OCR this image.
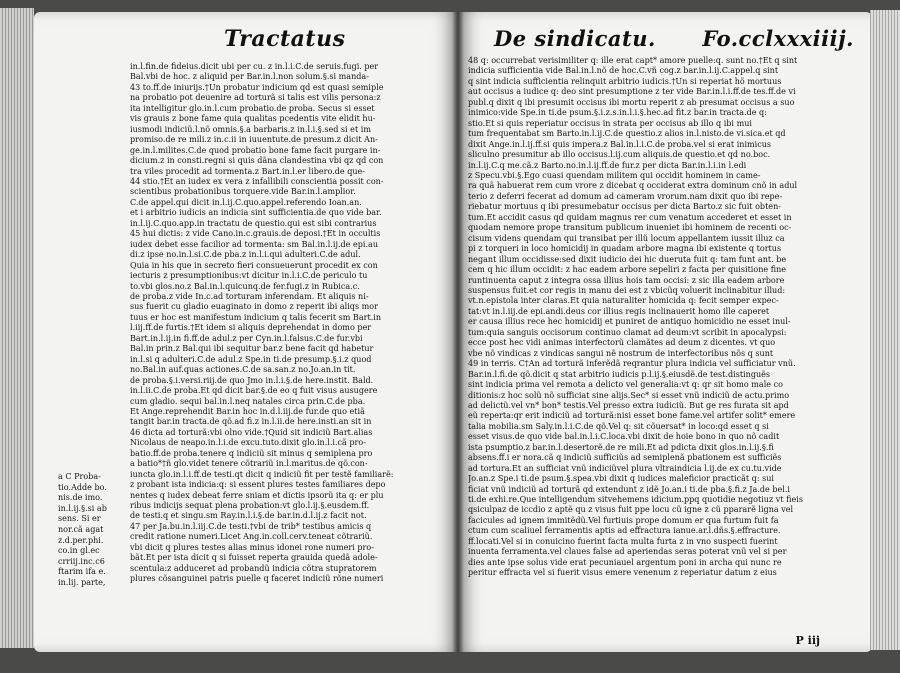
Tractatus
a C Proba-
tio.Adde bo.
nis.de imo.
in.l.ij.§.si ab
sens. Si er
nor.cã agat
z.d.per.phi.
co.in gl.ec
crriij.inc.c6
ftarim ifa e.
in.lij. parte,
in.l.fin.de fideius.dicit ubi per cu. z in.l.i.C.de seruis.fugi. per
Bal.vbi de hoc. z aliquid per Bar.in.l.non solum.§.si manda-
43 to.ff.de iniurijs.†Un probatur indicium qd est quasi semiple
na probatio pot deuenire ad torturã si talis est vilis persona:z
ita intelligitur glo.in.l.cum probatio.de proba. Secus si esset
vis grauis z bone fame quia qualitas pcedentis vite elidit hu-
iusmodi indiciũ.l.nõ omnis.§.a barbaris.z in.l.i.§.sed si et im
promiso.de re mili.z in.c.ii in iuuentute.de presum.z dicit An-
ge.in.l.milites.C.de quod probatio bone fame facit purgare in-
dicium.z in consti.regni si quis dãna clandestina vbi qz qd con
tra viles procedit ad tormenta.z Bart.in.l.er libero.de que-
44 stio.†Et an iudex ex vera z infallibili conscientia possit con-
scientibus probationibus torquere.vide Bar.in.l.amplior.
C.de appel.qui dicit in.l.ij.C.quo.appel.referendo Ioan.an.
et i arbitrio iudicis an indicia sint sufficientia.de quo vide bar.
in.l.ij.C.quo.app.in tractatu de questio.qui est sibi contrarius
45 hui dictis: z vide Cano.in.c.grauis.de deposi.†Et in occultis
iudex debet esse facilior ad tormenta: sm Bal.in.l.ij.de epi.au
di.z ipse no.in.l.si.C.de pba.z in.l.i.qui adulteri.C.de adul.
Quia in his que in secreto fieri consueuerunt procedit ex con
iecturis z presumptionibus:vt dicitur in.l.i.C.de periculo tu
to.vbi glos.no.z Bal.in.l.quicunq.de fer.fugi.z in Rubica.c.
de proba.z vide In.c.ad torturam inferendam. Et aliquis ni-
sus fuerit cu gladio euaginato in domo z reperit ibi aliqs mor
tuus er hoc est manifestum indicium q talis fecerit sm Bart.in
l.iij.ff.de furtis.†Et idem si aliquis deprehendat in domo per
Bart.in.l.ij.in fi.ff.de adul.z per Cyn.in.l.falsus.C.de fur.vbi
Bal.in prin.z Bal.qui ibi sequitur bar.z bene facit qd habetur
in.l.si q adulteri.C.de adul.z Spe.in ti.de presump.§.i.z quod
no.Bal.in auf.quas actiones.C.de sa.san.z no.Jo.an.in tit.
de proba.§.i.versi.riij.de quo Jmo in.l.i.§.de here.instit. Bald.
in.l.ii.C.de proba.Et qd dicit bar.§.de eo q fuit visus ausugere
cum gladio. sequi bal.in.l.neq natales circa prin.C.de pba.
Et Ange.reprehendit Bar.in hoc in.d.l.iij.de fur.de quo etiã
tangit bar.in tracta.de qõ.ad fi.z in.l.ii.de here.insti.an sit in
46 dicta ad torturã:vbi olno vide.†Quid sit indiciũ Bart.alias
Nicolaus de neapo.in.l.i.de excu.tuto.dixit glo.in.l.i.cã pro-
batio.ff.de proba.tenere q indiciũ sit minus q semiplena pro
a batio*†ñ glo.videt tenere cõtrariũ in.l.maritus.de qõ.con-
iuncta glo.in.l.i.ff.de testi.qt dicit q indiciũ fit per testẽ familiarẽ:
z probant ista indicia:q: si essent plures testes familiares depo
nentes q iudex debeat ferre sniam et dictis ipsorũ ita q: er plu
ribus indicijs sequat plena probation:vt glo.l.ij.§.eusdem.ff.
de testi.q et singu.sm Ray.in.l.i.§.de bar.in.d.l.ij.z facit not.
47 per Ja.bu.in.l.iij.C.de testi.†vbi de trib* testibus amicis q
credit ratione numeri.Licet Ang.in.coll.cerv.teneat cõtrariũ.
vbi dicit q plures testes alias minus idonei rone numeri pro-
bãt.Et per ista dicit q si fuisset reperta grauida quedã adole-
scentula:z adduceret ad probandũ indicia cõtra stupratorem
plures cõsanguinei patris puelle q faceret indiciũ rõne numeri
De sindicatu. Fo.cclxxxiiij.
48 q: occurrebat verisimiliter q: ille erat capt* amore puelle:q. sunt no.†Et q sint
indicia sufficientia vide Bal.in.l.nõ de hoc.C.vñ cog.z bar.in.l.ij.C.appel.q sint
q sint indicia sufficientia relinquit arbitrio iudicis.†Un si reperiat hõ mortuus
aut occisus a iudice q: deo sint presumptione z ter vide Bar.in.l.i.ff.de tes.ff.de vi
publ.q dixit q ibi presumit occisus ibi mortu reperit z ab presumat occisus a suo
inimico:vide Spe.in ti.de psum.§.i.z.s.in.l.i.§.hec.ad fit.z bar.in tracta.de q:
stio.Et si quis reperiatur occisus in strata per occisus ab illo q ibi mui
tum frequentabat sm Barto.in.l.ij.C.de questio.z alios in.l.nisto.de vi.sica.et qd
dixit Ange.in.l.ij.ff.si quis impera.z Bal.in.l.i.C.de proba.vel si erat inimicus
sliculno presumitur ab illo occisus.l.ij.cum aliquis.de questio.et qd no.boc.
in.l.ij.C.q me.cã.z Barto.no.in.l.ij.ff.de fur.z per dicta Bar.in.l.i.in l.edi
z Specu.vbi.§.Ego cuasi quendam militem qui occidit hominem in came-
ra quã habuerat rem cum vrore z dicebat q occiderat extra dominum cnõ in adul
terio z deferri fecerat ad domum ad cameram vrorum.nam dixit quo ibi repe-
riebatur mortuus q ibi presumebatur occisus per dicta Barto.z sic fuit obten-
tum.Et accidit casus qd quidam magnus rer cum venatum accederet et esset in
quodam nemore prope transitum publicum inueniet ibi hominem de recenti oc-
cisum videns quendam qui transibat per illũ locum appellantem iussit illuz ca
pi z torqueri in loco homicidij in quadam arbore magna ibi existente q tortus
negant illum occidisse:sed dixit iudicio dei hic dueruta fuit q: tam funt ant. be
cem q hic illum occidit: z hac eadem arbore sepeliri z facta per quisitione fine
runtinuenta caput z integra ossa illius hois tam occisi: z sic illa eadem arbore
suspensus fuit.et cor regis in manu dei est z vbicũq voluerit inclinabitur illud:
vt.n.epistola inter claras.Et quia naturaliter homicida q: fecit semper expec-
tat:vt in.l.iij.de epi.andi.deus cor illius regis inclinauerit homo ille caperet
er causa illius rece hec homicidij et puniret de antiquo homicidio ne esset inul-
tum:quia sanguis occisorum continuo clamat ad deum:vt scribit in apocalypsi:
ecce post hec vidi animas interfectorũ clamãtes ad deum z dicentes. vt quo
vbe nõ vindicas z vindicas sangui nẽ nostrum de interfectoribus nõs q sunt
49 in terris. C†An ad torturã inferẽdã reqrantur plura indicia vel sufficiatur vnũ.
Bar.in.l.fi.de qõ.dicit q stat arbitrio iudicis p.l.ij.§.eiusdẽ.de test.distinguẽs
sint indicia prima vel remota a delicto vel generalia:vt q: qr sit homo male co
ditionis:z hoc solũ nõ sufficiat sine alijs.Sec* si esset vnũ indiciũ de actu.primo
ad delictũ.vel vn* bon* testis.Vel presso extra iudiciũ. But ge res furata sit apd
eũ reperta:qr erit indiciũ ad torturã:nisi esset bone fame.vel artifer solit* emere
talia mobilia.sm Saly.in.l.i.C.de qõ.Vel q: sit cõuersat* in loco:qd esset q si
esset visus.de quo vide bal.in.l.i.C.loca.vbi dixit de hoie bono in quo nõ cadit
ista psumptio.z bar.in.l.desertorẽ.de re mili.Et ad pdicta dixit glos.in.l.ij.§.fi
absens.ff.i er nora.cã q indiciũ sufficiũs ad semiplenã pbationem est sufficiẽs
ad tortura.Et an sufficiat vnũ indiciũvel plura vltraindicia l.ij.de ex cu.tu.vide
Jo.an.z Spe.i ti.de psum.§.spea.vbi dixit q iudices maleficior practicãt q: sui
ficiat vnũ indiciũ ad torturã qd extendunt z idẽ Jo.an.i ti.de pba.§.fi.z Ja.de bel.i
ti.de exhi.re.Que intelligendum sitvehemens idicium.ppq quotidie negotiuz vt fieis
qsiculpaz de iccdio z aptẽ qu z visus fuit ppe locu cũ igne z cũ ppararẽ ligna vel
facicules ad ignem immitẽdũ.Vel furtiuis prope domum er qua furtum fuit fa
ctum cum scaliuel ferramentis aptis ad effractura ianue.ar.l.dñs.§.effracture.
ff.locati.Vel si in conuicino fuerint facta multa furta z in vno suspecti fuerint
inuenta ferramenta.vel claues false ad aperiendas seras poterat vnũ vel si per
dies ante ipse solus vide erat pecuniauel argentum poni in archa qui nunc re
peritur effracta vel si fuerit visus emere venenum z reperiatur datum z eius
P iij
